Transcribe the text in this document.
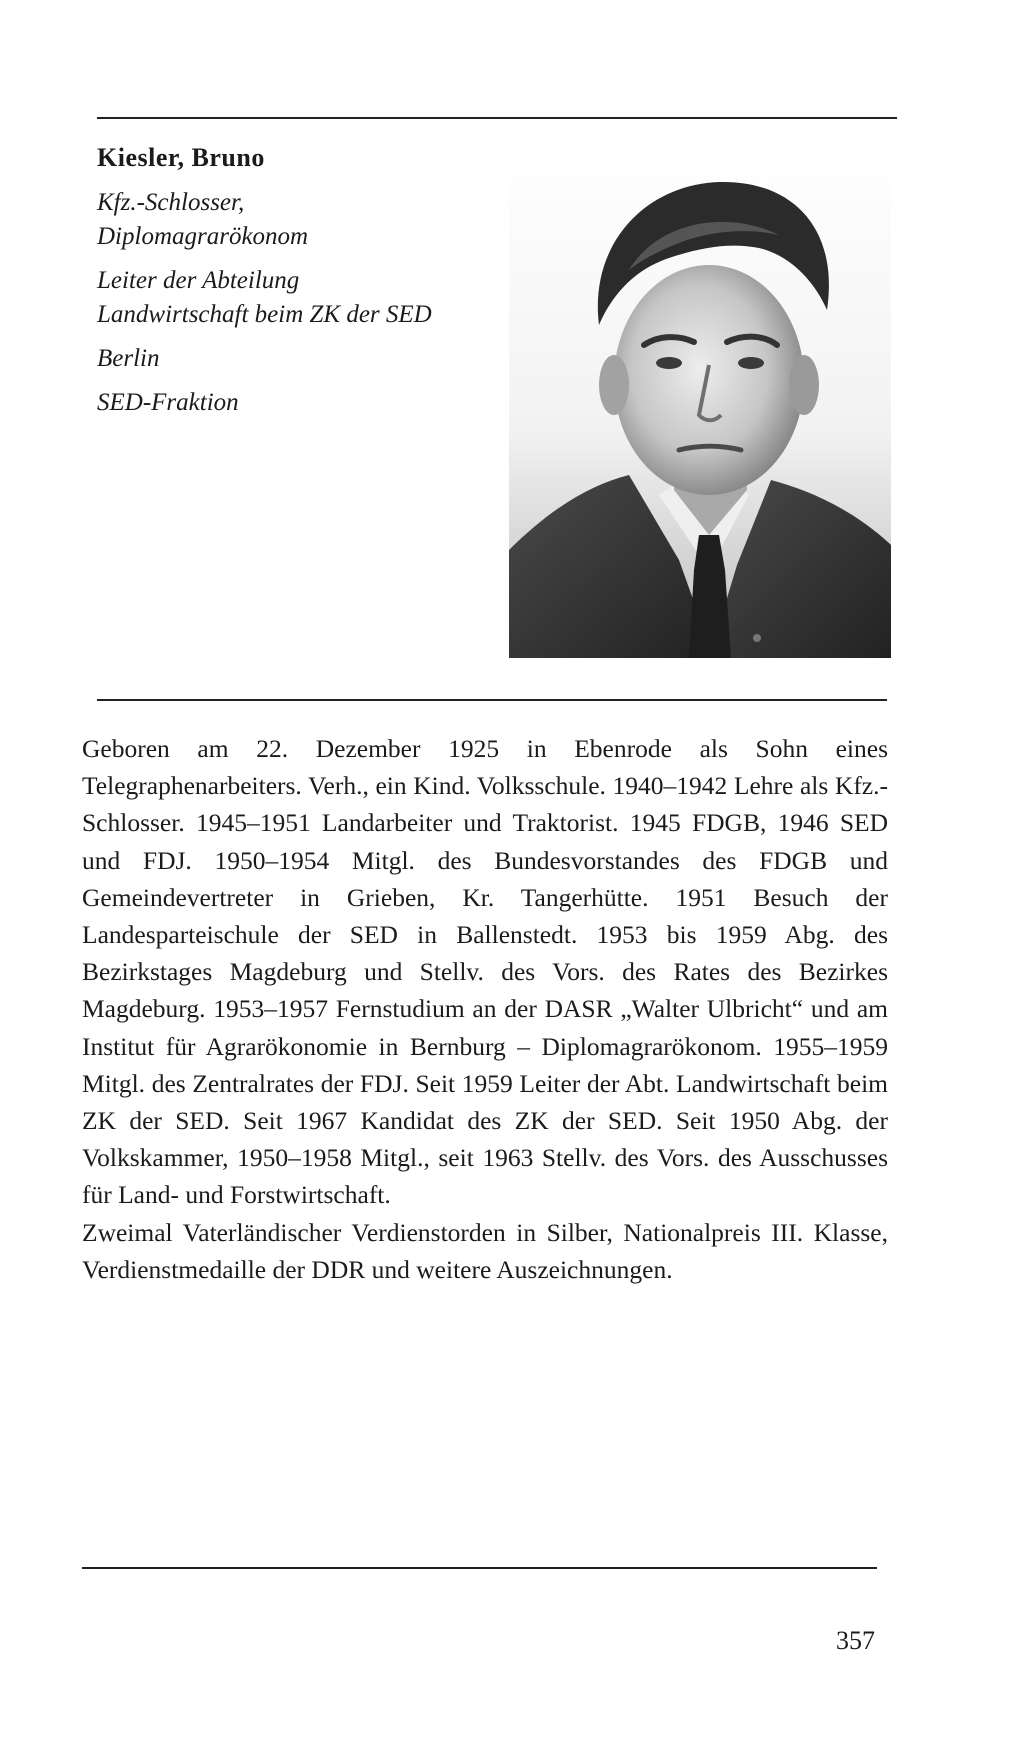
Kiesler, Bruno

Kfz.-Schlosser,

Diplomagrarökonom

Leiter der Abteilung

Landwirtschaft beim ZK der SED

Berlin

SED-Fraktion

Geboren am 22. Dezember 1925 in Ebenrode als Sohn eines Telegraphenarbeiters. Verh., ein Kind. Volksschule. 1940–1942 Lehre als Kfz.-Schlosser. 1945–1951 Landarbeiter und Traktorist. 1945 FDGB, 1946 SED und FDJ. 1950–1954 Mitgl. des Bundesvorstandes des FDGB und Gemeindevertreter in Grieben, Kr. Tangerhütte. 1951 Besuch der Landesparteischule der SED in Ballenstedt. 1953 bis 1959 Abg. des Bezirkstages Magdeburg und Stellv. des Vors. des Rates des Bezirkes Magdeburg. 1953–1957 Fernstudium an der DASR „Walter Ulbricht“ und am Institut für Agrarökonomie in Bernburg – Diplomagrarökonom. 1955–1959 Mitgl. des Zentralrates der FDJ. Seit 1959 Leiter der Abt. Landwirtschaft beim ZK der SED. Seit 1967 Kandidat des ZK der SED. Seit 1950 Abg. der Volkskammer, 1950–1958 Mitgl., seit 1963 Stellv. des Vors. des Ausschusses für Land- und Forstwirtschaft.

Zweimal Vaterländischer Verdienstorden in Silber, Nationalpreis III. Klasse, Verdienstmedaille der DDR und weitere Auszeichnungen.

357
